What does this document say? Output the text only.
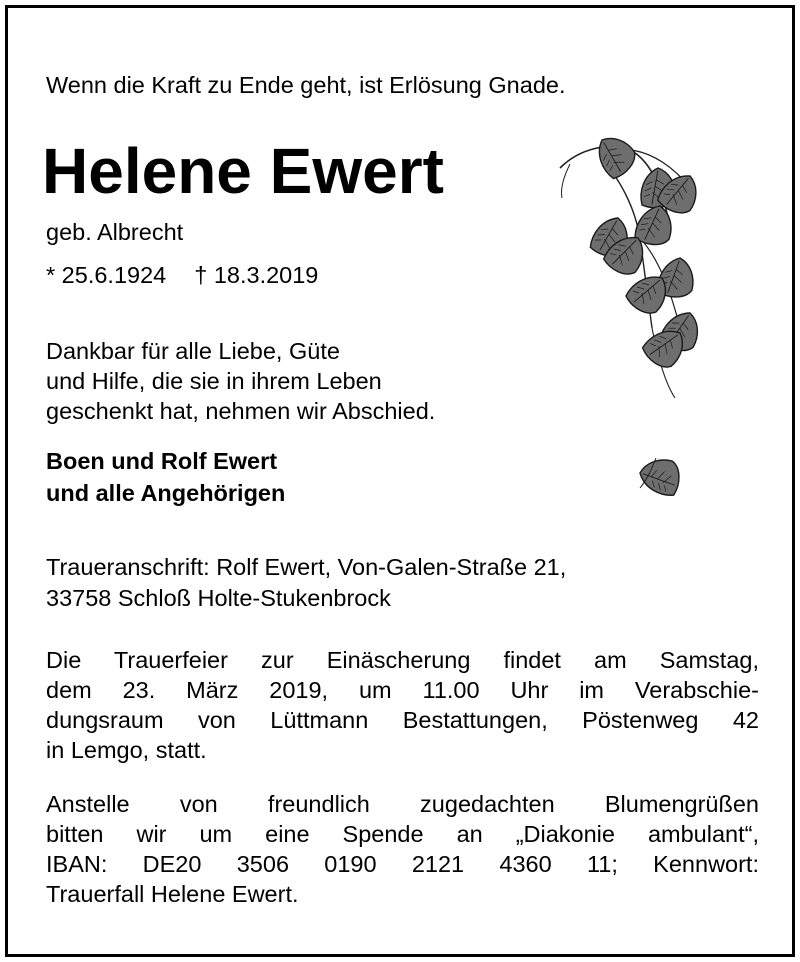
Wenn die Kraft zu Ende geht, ist Erlösung Gnade.
Helene Ewert
geb. Albrecht
* 25.6.1924 † 18.3.2019
Dankbar für alle Liebe, Güte
und Hilfe, die sie in ihrem Leben
geschenkt hat, nehmen wir Abschied.
Boen und Rolf Ewert
und alle Angehörigen
Traueranschrift: Rolf Ewert, Von-Galen-Straße 21,
33758 Schloß Holte-Stukenbrock
Die Trauerfeier zur Einäscherung findet am Samstag,
dem 23. März 2019, um 11.00 Uhr im Verabschie-
dungsraum von Lüttmann Bestattungen, Pöstenweg 42
in Lemgo, statt.
Anstelle von freundlich zugedachten Blumengrüßen
bitten wir um eine Spende an „Diakonie ambulant“,
IBAN: DE20 3506 0190 2121 4360 11; Kennwort:
Trauerfall Helene Ewert.
